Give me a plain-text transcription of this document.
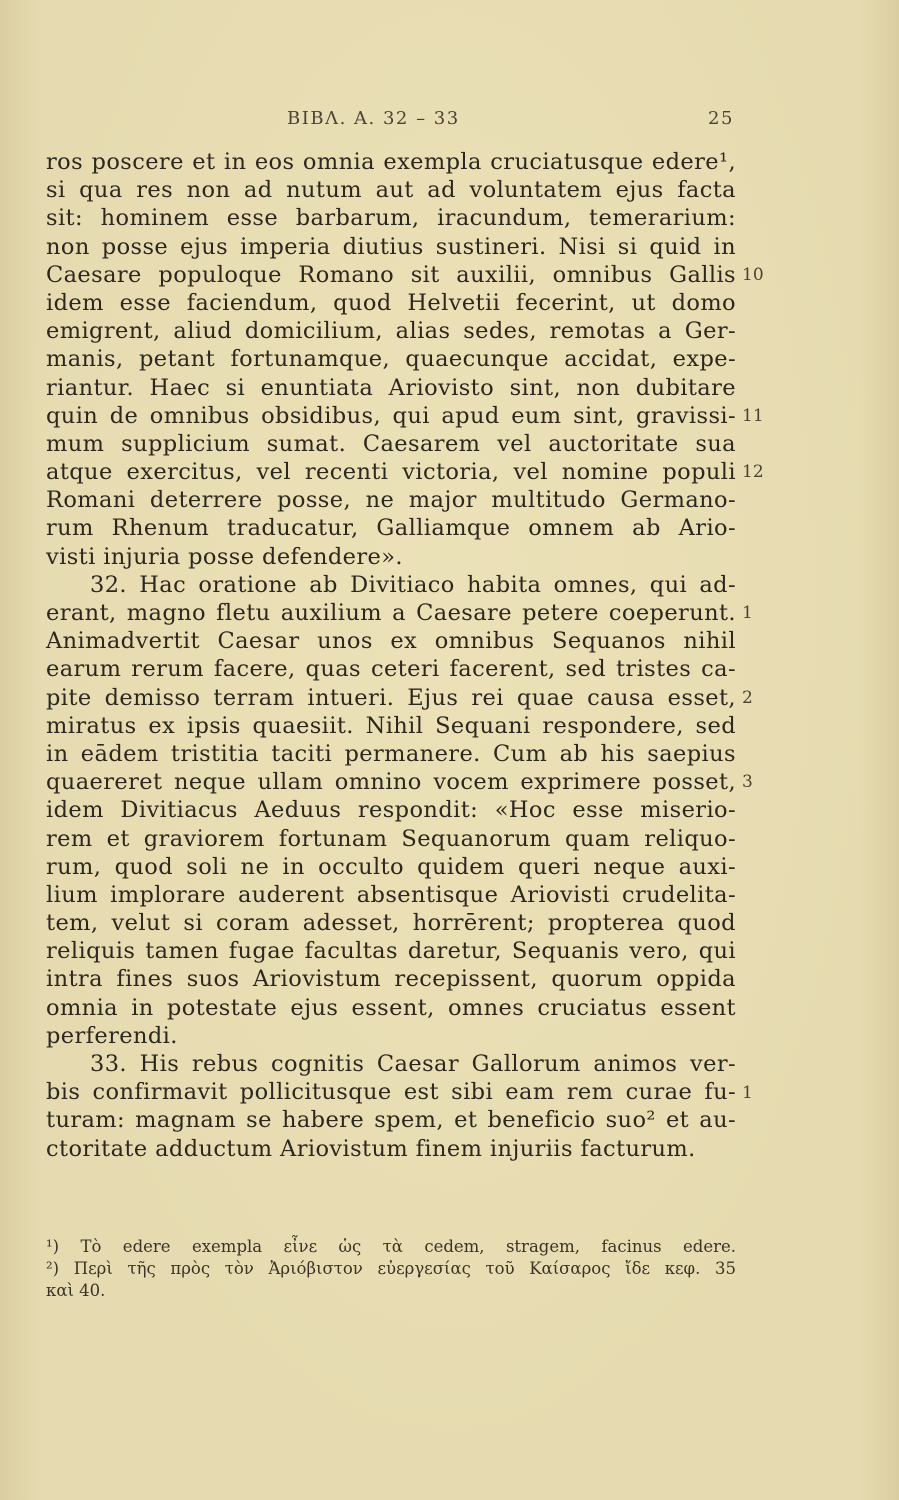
ΒΙΒΛ. Α. 32 – 33	25
ros poscere et in eos omnia exempla cruciatusque edere¹,
si qua res non ad nutum aut ad voluntatem ejus facta
sit: hominem esse barbarum, iracundum, temerarium:
non posse ejus imperia diutius sustineri. Nisi si quid in
Caesare populoque Romano sit auxilii, omnibus Gallis
idem esse faciendum, quod Helvetii fecerint, ut domo
emigrent, aliud domicilium, alias sedes, remotas a Ger-
manis, petant fortunamque, quaecunque accidat, expe-
riantur. Haec si enuntiata Ariovisto sint, non dubitare
quin de omnibus obsidibus, qui apud eum sint, gravissi-
mum supplicium sumat. Caesarem vel auctoritate sua
atque exercitus, vel recenti victoria, vel nomine populi
Romani deterrere posse, ne major multitudo Germano-
rum Rhenum traducatur, Galliamque omnem ab Ario-
visti injuria posse defendere».
32. Hac oratione ab Divitiaco habita omnes, qui ad-
erant, magno fletu auxilium a Caesare petere coeperunt.
Animadvertit Caesar unos ex omnibus Sequanos nihil
earum rerum facere, quas ceteri facerent, sed tristes ca-
pite demisso terram intueri. Ejus rei quae causa esset,
miratus ex ipsis quaesiit. Nihil Sequani respondere, sed
in eādem tristitia taciti permanere. Cum ab his saepius
quaereret neque ullam omnino vocem exprimere posset,
idem Divitiacus Aeduus respondit: «Hoc esse miserio-
rem et graviorem fortunam Sequanorum quam reliquo-
rum, quod soli ne in occulto quidem queri neque auxi-
lium implorare auderent absentisque Ariovisti crudelita-
tem, velut si coram adesset, horrērent; propterea quod
reliquis tamen fugae facultas daretur, Sequanis vero, qui
intra fines suos Ariovistum recepissent, quorum oppida
omnia in potestate ejus essent, omnes cruciatus essent
perferendi.
33. His rebus cognitis Caesar Gallorum animos ver-
bis confirmavit pollicitusque est sibi eam rem curae fu-
turam: magnam se habere spem, et beneficio suo² et au-
ctoritate adductum Ariovistum finem injuriis facturum.
10
11
12
1
2
3
1
¹) Τὸ edere exempla εἶνε ὡς τὰ cedem, stragem, facinus edere.
²) Περὶ τῆς πρὸς τὸν Ἀριόβιστον εὐεργεσίας τοῦ Καίσαρος ἴδε κεφ. 35
καὶ 40.
